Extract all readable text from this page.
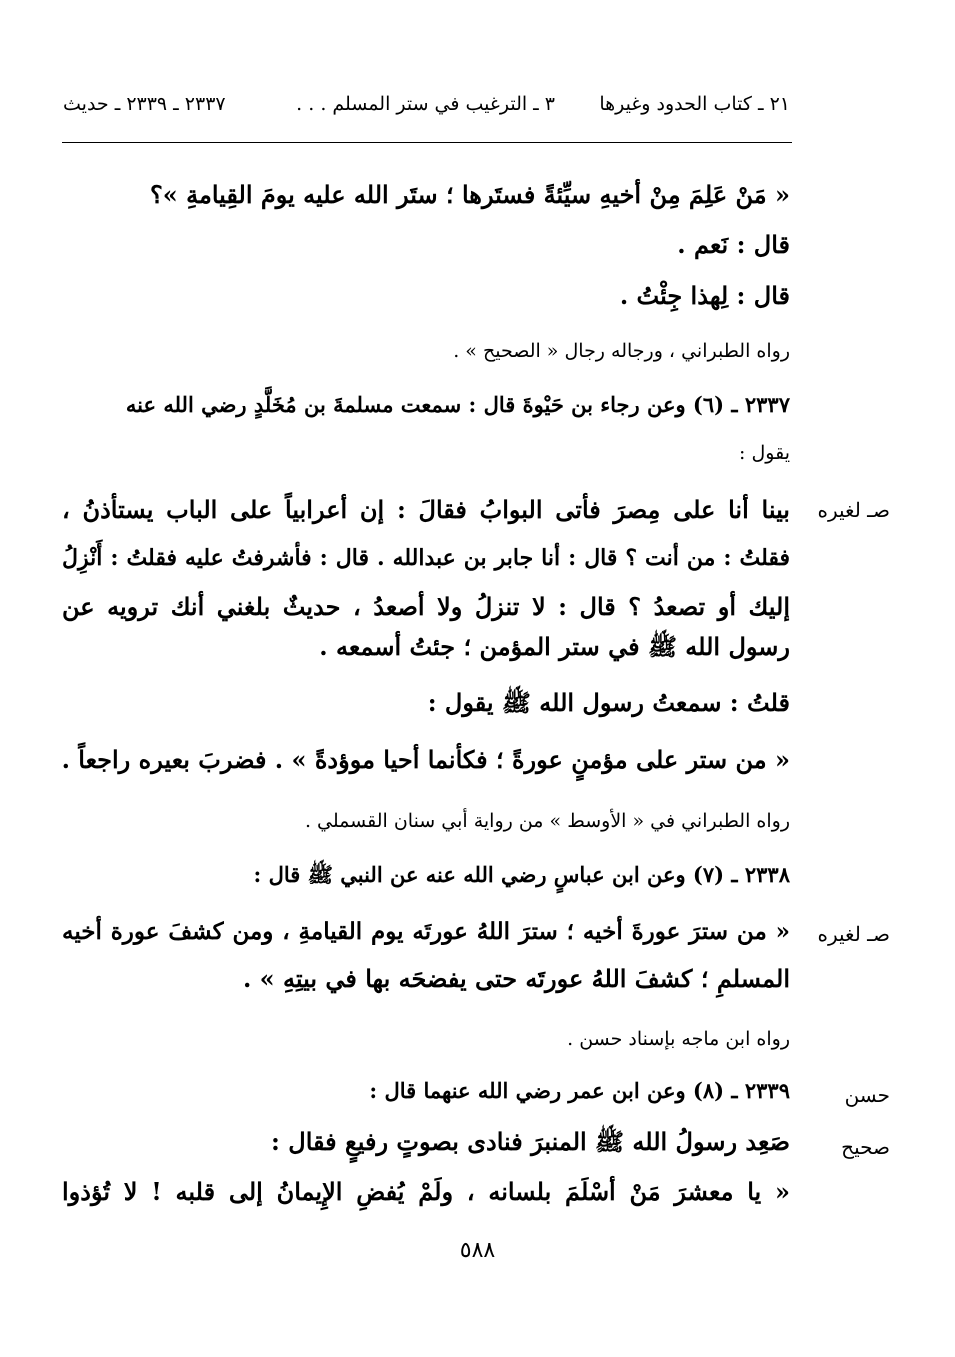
٢١ ـ كتاب الحدود وغيرها
٣ ـ الترغيب في ستر المسلم . . .
٢٣٣٧ ـ ٢٣٣٩ ـ حديث
« مَنْ عَلِمَ مِنْ أخيهِ سيِّئةً فستَرها ؛ ستَر الله عليه يومَ القِيامةِ »؟
قال : نَعم .
قال : لِهذا جِئْتُ .
رواه الطبراني ، ورجاله رجال « الصحيح » .
٢٣٣٧ ـ (٦) وعن رجاء بن حَيْوةَ قال : سمعت مسلمةَ بن مُخَلَّدٍ رضي الله عنه
يقول :
صـ لغيره
بينا أنا على مِصرَ فأتى البوابُ فقالَ : إن أعرابياً على الباب يستأذنُ ،
فقلتُ : من أنت ؟ قال : أنا جابر بن عبدالله . قال : فأشرفتُ عليه فقلتُ : أَنْزِلُ
إليك أو تصعدُ ؟ قال : لا تنزلُ ولا أصعدُ ، حديثٌ بلغني أنك ترويه عن
رسول الله ﷺ في ستر المؤمن ؛ جئتُ أسمعه .
قلتُ : سمعتُ رسول الله ﷺ يقول :
« من ستر على مؤمنٍ عورةً ؛ فكأنما أحيا موؤدةً » . فضربَ بعيره راجعاً .
رواه الطبراني في « الأوسط » من رواية أبي سنان القسملي .
٢٣٣٨ ـ (٧) وعن ابن عباسٍ رضي الله عنه عن النبي ﷺ قال :
صـ لغيره
« من سترَ عورةَ أخيه ؛ سترَ اللهُ عورتَه يوم القيامةِ ، ومن كشفَ عورة أخيه
المسلمِ ؛ كشفَ اللهُ عورتَه حتى يفضحَه بها في بيتِهِ » .
رواه ابن ماجه بإسناد حسن .
حسن
٢٣٣٩ ـ (٨) وعن ابن عمر رضي الله عنهما قال :
صحيح
صَعِد رسولُ الله ﷺ المنبرَ فنادى بصوتٍ رفيعٍ فقال :
« يا معشرَ مَنْ أسْلَمَ بلسانه ، ولَمْ يُفضِ الإِيمانُ إلى قلبه ! لا تُؤذوا
٥٨٨
